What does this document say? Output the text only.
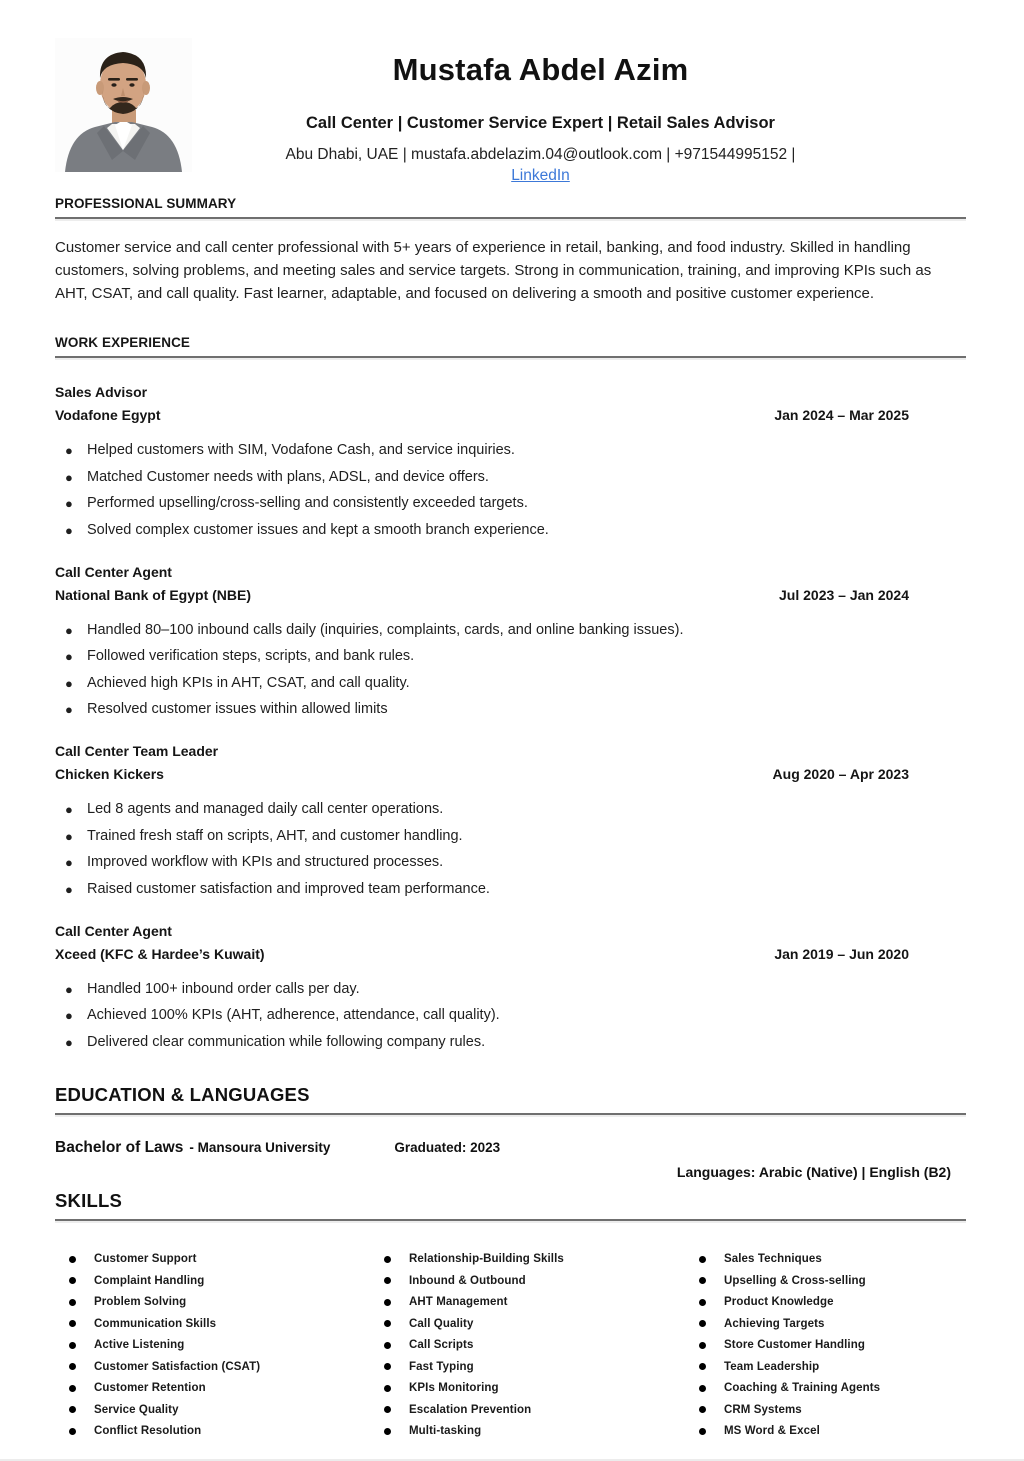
Mustafa Abdel Azim
Call Center | Customer Service Expert | Retail Sales Advisor
Abu Dhabi, UAE | mustafa.abdelazim.04@outlook.com | +971544995152 |
LinkedIn
PROFESSIONAL SUMMARY

Customer service and call center professional with 5+ years of experience in retail, banking, and food industry. Skilled in handling customers, solving problems, and meeting sales and service targets. Strong in communication, training, and improving KPIs such as AHT, CSAT, and call quality. Fast learner, adaptable, and focused on delivering a smooth and positive customer experience.

WORK EXPERIENCE

Sales Advisor

Vodafone Egypt	Jan 2024 – Mar 2025
● Helped customers with SIM, Vodafone Cash, and service inquiries.
● Matched Customer needs with plans, ADSL, and device offers.
● Performed upselling/cross-selling and consistently exceeded targets.
● Solved complex customer issues and kept a smooth branch experience.

Call Center Agent

National Bank of Egypt (NBE)	Jul 2023 – Jan 2024
● Handled 80–100 inbound calls daily (inquiries, complaints, cards, and online banking issues).
● Followed verification steps, scripts, and bank rules.
● Achieved high KPIs in AHT, CSAT, and call quality.
● Resolved customer issues within allowed limits

Call Center Team Leader

Chicken Kickers	Aug 2020 – Apr 2023
● Led 8 agents and managed daily call center operations.
● Trained fresh staff on scripts, AHT, and customer handling.
● Improved workflow with KPIs and structured processes.
● Raised customer satisfaction and improved team performance.

Call Center Agent

Xceed (KFC & Hardee’s Kuwait)	Jan 2019 – Jun 2020
● Handled 100+ inbound order calls per day.
● Achieved 100% KPIs (AHT, adherence, attendance, call quality).
● Delivered clear communication while following company rules.
EDUCATION & LANGUAGES
Bachelor of Laws - Mansoura University	Graduated: 2023
Languages: Arabic (Native) | English (B2)
SKILLS
Customer Support
Complaint Handling
Problem Solving
Communication Skills
Active Listening
Customer Satisfaction (CSAT)
Customer Retention
Service Quality
Conflict Resolution
Relationship-Building Skills
Inbound & Outbound
AHT Management
Call Quality
Call Scripts
Fast Typing
KPIs Monitoring
Escalation Prevention
Multi-tasking
Sales Techniques
Upselling & Cross-selling
Product Knowledge
Achieving Targets
Store Customer Handling
Team Leadership
Coaching & Training Agents
CRM Systems
MS Word & Excel
